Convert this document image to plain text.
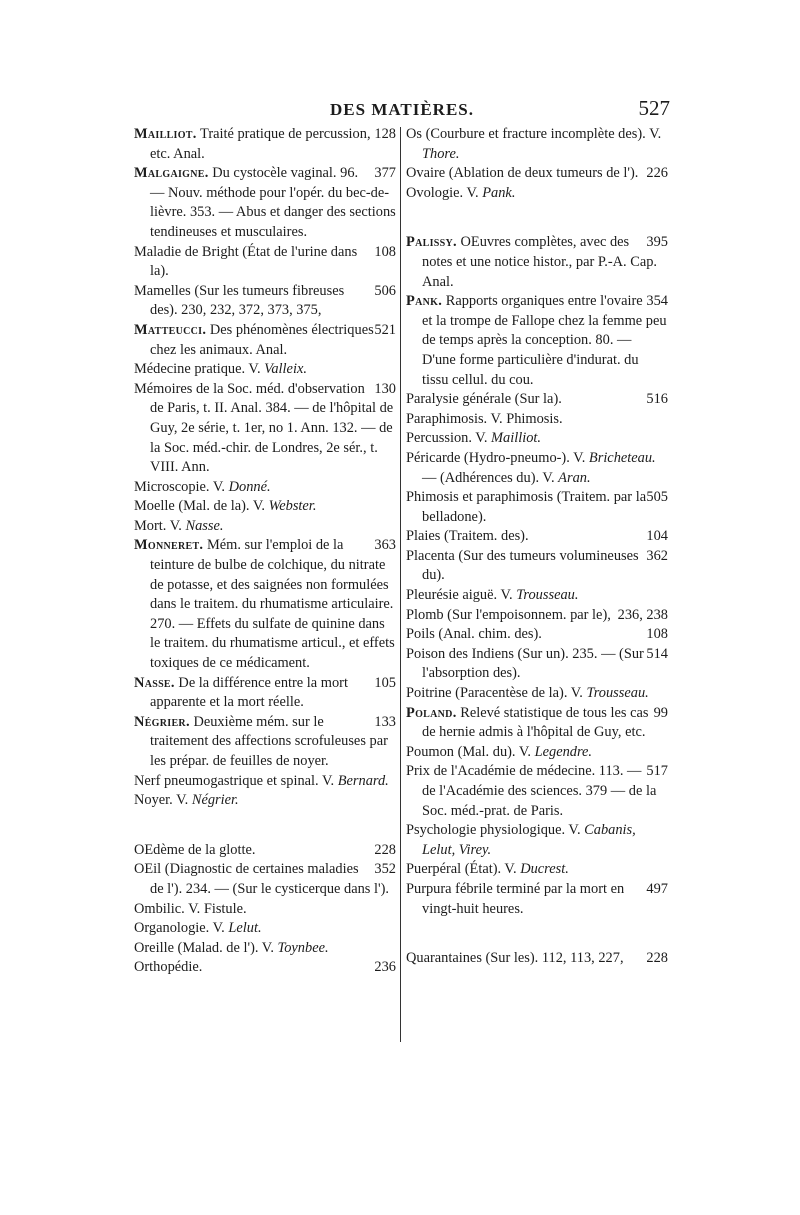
DES MATIÈRES.	527
128
Mailliot. Traité pratique de percussion, etc. Anal.
377
Malgaigne. Du cystocèle vaginal. 96. — Nouv. méthode pour l'opér. du bec-de-lièvre. 353. — Abus et danger des sections tendineuses et musculaires.
108
Maladie de Bright (État de l'urine dans la).
506
Mamelles (Sur les tumeurs fibreuses des). 230, 232, 372, 373, 375,
521
Matteucci. Des phénomènes électriques chez les animaux. Anal.
Médecine pratique. V. Valleix.
130
Mémoires de la Soc. méd. d'observation de Paris, t. II. Anal. 384. — de l'hôpital de Guy, 2e série, t. 1er, no 1. Ann. 132. — de la Soc. méd.-chir. de Londres, 2e sér., t. VIII. Ann.
Microscopie. V. Donné.
Moelle (Mal. de la). V. Webster.
Mort. V. Nasse.
363
Monneret. Mém. sur l'emploi de la teinture de bulbe de colchique, du nitrate de potasse, et des saignées non formulées dans le traitem. du rhumatisme articulaire. 270. — Effets du sulfate de quinine dans le traitem. du rhumatisme articul., et effets toxiques de ce médicament.
105
Nasse. De la différence entre la mort apparente et la mort réelle.
133
Négrier. Deuxième mém. sur le traitement des affections scrofuleuses par les prépar. de feuilles de noyer.
Nerf pneumogastrique et spinal. V. Bernard.
Noyer. V. Négrier.
228
OEdème de la glotte.
352
OEil (Diagnostic de certaines maladies de l'). 234. — (Sur le cysticerque dans l').
Ombilic. V. Fistule.
Organologie. V. Lelut.
Oreille (Malad. de l'). V. Toynbee.
236
Orthopédie.
Os (Courbure et fracture incomplète des). V. Thore.
226
Ovaire (Ablation de deux tumeurs de l').
Ovologie. V. Pank.
395
Palissy. OEuvres complètes, avec des notes et une notice histor., par P.-A. Cap. Anal.
354
Pank. Rapports organiques entre l'ovaire et la trompe de Fallope chez la femme peu de temps après la conception. 80. — D'une forme particulière d'indurat. du tissu cellul. du cou.
516
Paralysie générale (Sur la).
Paraphimosis. V. Phimosis.
Percussion. V. Mailliot.
Péricarde (Hydro-pneumo-). V. Bricheteau. — (Adhérences du). V. Aran.
505
Phimosis et paraphimosis (Traitem. par la belladone).
104
Plaies (Traitem. des).
362
Placenta (Sur des tumeurs volumineuses du).
Pleurésie aiguë. V. Trousseau.
236, 238
Plomb (Sur l'empoisonnem. par le),
108
Poils (Anal. chim. des).
514
Poison des Indiens (Sur un). 235. — (Sur l'absorption des).
Poitrine (Paracentèse de la). V. Trousseau.
99
Poland. Relevé statistique de tous les cas de hernie admis à l'hôpital de Guy, etc.
Poumon (Mal. du). V. Legendre.
517
Prix de l'Académie de médecine. 113. — de l'Académie des sciences. 379 — de la Soc. méd.-prat. de Paris.
Psychologie physiologique. V. Cabanis, Lelut, Virey.
Puerpéral (État). V. Ducrest.
497
Purpura fébrile terminé par la mort en vingt-huit heures.
228
Quarantaines (Sur les). 112, 113, 227,
